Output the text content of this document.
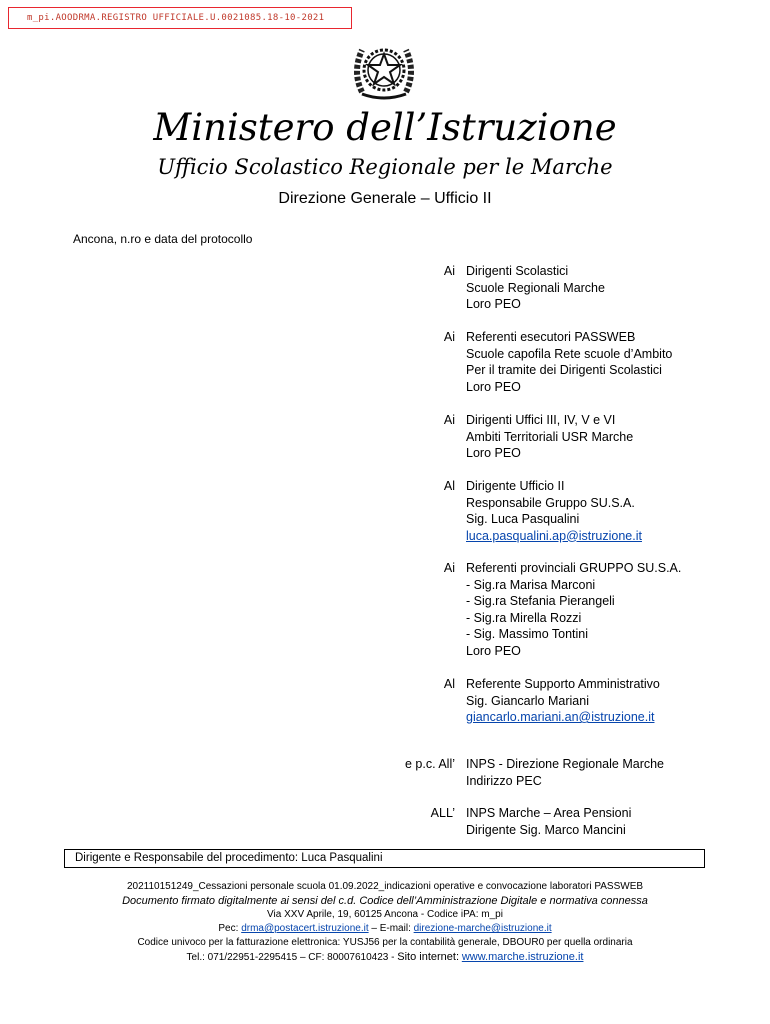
m_pi.AOODRMA.REGISTRO UFFICIALE.U.0021085.18-10-2021
Ministero dell’Istruzione
Ufficio Scolastico Regionale per le Marche
Direzione Generale – Ufficio II
Ancona, n.ro e data del protocollo
Ai Dirigenti Scolastici
Scuole Regionali Marche
Loro PEO
Ai Referenti esecutori PASSWEB
Scuole capofila Rete scuole d’Ambito
Per il tramite dei Dirigenti Scolastici
Loro PEO
Ai Dirigenti Uffici III, IV, V e VI
Ambiti Territoriali USR Marche
Loro PEO
Al Dirigente Ufficio II
Responsabile Gruppo SU.S.A.
Sig. Luca Pasqualini
luca.pasqualini.ap@istruzione.it
Ai Referenti provinciali GRUPPO SU.S.A.
- Sig.ra Marisa Marconi
- Sig.ra Stefania Pierangeli
- Sig.ra Mirella Rozzi
- Sig. Massimo Tontini
Loro PEO
Al Referente Supporto Amministrativo
Sig. Giancarlo Mariani
giancarlo.mariani.an@istruzione.it
e p.c. All’ INPS - Direzione Regionale Marche
Indirizzo PEC
ALL’ INPS Marche – Area Pensioni
Dirigente Sig. Marco Mancini
Dirigente e Responsabile del procedimento: Luca Pasqualini
202110151249_Cessazioni personale scuola 01.09.2022_indicazioni operative e convocazione laboratori PASSWEB
Documento firmato digitalmente ai sensi del c.d. Codice dell’Amministrazione Digitale e normativa connessa
Via XXV Aprile, 19, 60125 Ancona - Codice iPA: m_pi
Pec: drma@postacert.istruzione.it – E-mail: direzione-marche@istruzione.it
Codice univoco per la fatturazione elettronica: YUSJ56 per la contabilità generale, DBOUR0 per quella ordinaria
Tel.: 071/22951-2295415 – CF: 80007610423 - Sito internet: www.marche.istruzione.it
